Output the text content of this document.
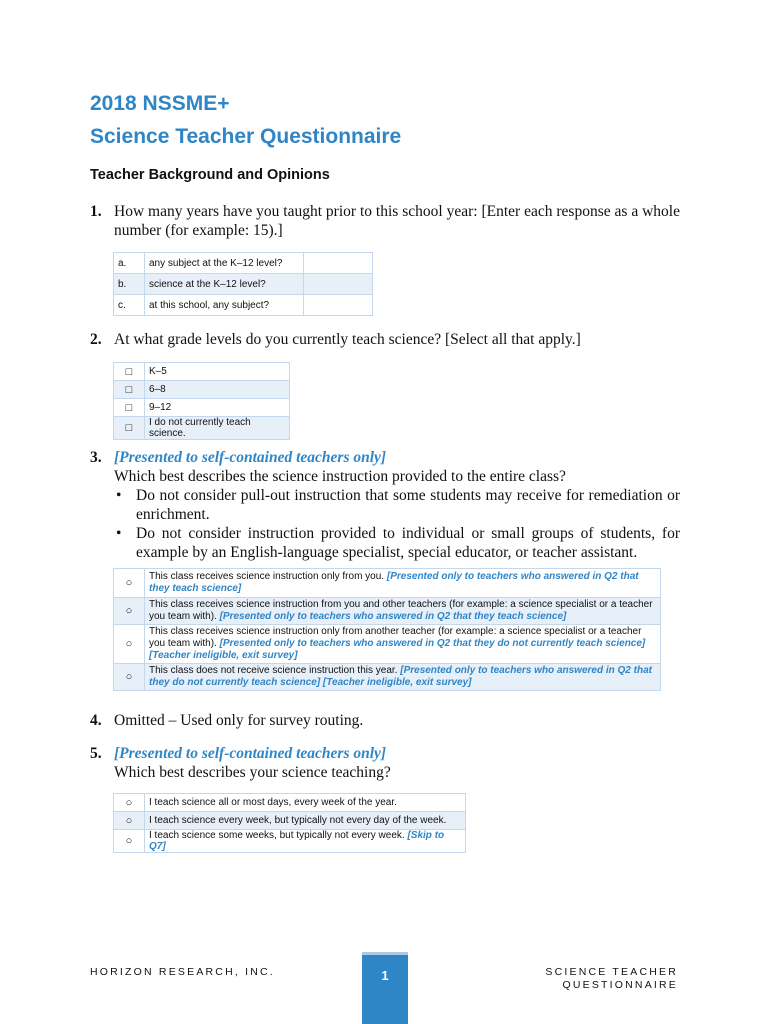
2018 NSSME+
Science Teacher Questionnaire
Teacher Background and Opinions
1. How many years have you taught prior to this school year: [Enter each response as a whole number (for example: 15).]
a.	any subject at the K–12 level?	
b.	science at the K–12 level?	
c.	at this school, any subject?	
2. At what grade levels do you currently teach science? [Select all that apply.]
□	K–5
□	6–8
□	9–12
□	I do not currently teach science.
3. [Presented to self-contained teachers only]
Which best describes the science instruction provided to the entire class?
• Do not consider pull-out instruction that some students may receive for remediation or enrichment.
• Do not consider instruction provided to individual or small groups of students, for example by an English-language specialist, special educator, or teacher assistant.
○	This class receives science instruction only from you. [Presented only to teachers who answered in Q2 that they teach science]
○	This class receives science instruction from you and other teachers (for example: a science specialist or a teacher you team with). [Presented only to teachers who answered in Q2 that they teach science]
○	This class receives science instruction only from another teacher (for example: a science specialist or a teacher you team with). [Presented only to teachers who answered in Q2 that they do not currently teach science] [Teacher ineligible, exit survey]
○	This class does not receive science instruction this year. [Presented only to teachers who answered in Q2 that they do not currently teach science] [Teacher ineligible, exit survey]
4. Omitted – Used only for survey routing.
5. [Presented to self-contained teachers only]
Which best describes your science teaching?
○	I teach science all or most days, every week of the year.
○	I teach science every week, but typically not every day of the week.
○	I teach science some weeks, but typically not every week. [Skip to Q7]
HORIZON RESEARCH, INC.	1	SCIENCE TEACHER
QUESTIONNAIRE
